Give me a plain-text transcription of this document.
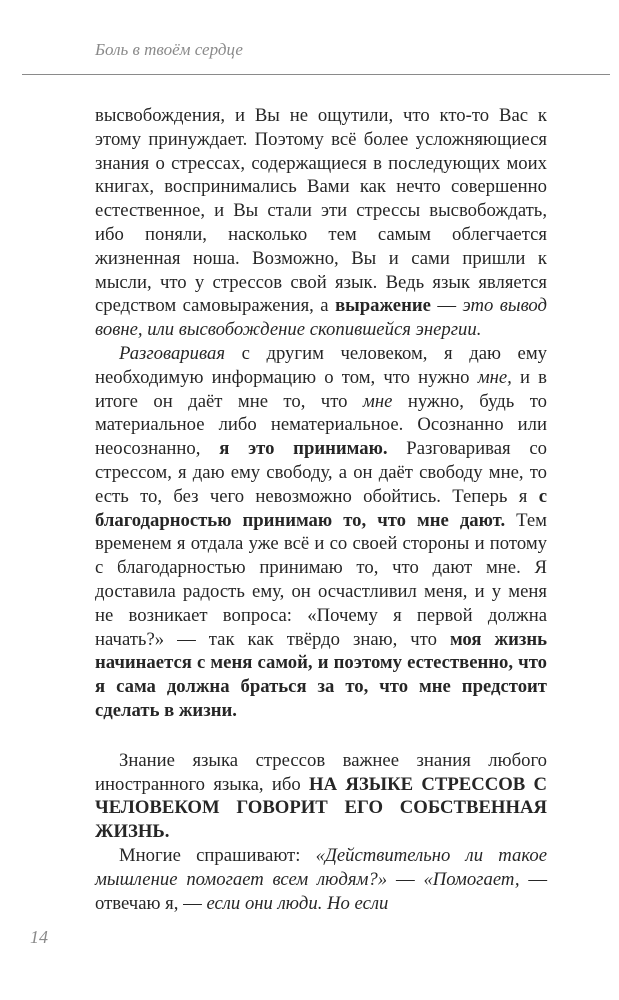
Боль в твоём сердце

высвобождения, и Вы не ощутили, что кто-то Вас к этому принуждает. Поэтому всё более усложняющиеся знания о стрессах, содержащиеся в последующих моих книгах, воспринимались Вами как нечто совершенно естественное, и Вы стали эти стрессы высвобождать, ибо поняли, насколько тем самым облегчается жизненная ноша. Возможно, Вы и сами пришли к мысли, что у стрессов свой язык. Ведь язык является средством самовыражения, а выражение — это вывод вовне, или высвобождение скопившейся энергии.

Разговаривая с другим человеком, я даю ему необходимую информацию о том, что нужно мне, и в итоге он даёт мне то, что мне нужно, будь то материальное либо нематериальное. Осознанно или неосознанно, я это принимаю. Разговаривая со стрессом, я даю ему свободу, а он даёт свободу мне, то есть то, без чего невозможно обойтись. Теперь я с благодарностью принимаю то, что мне дают. Тем временем я отдала уже всё и со своей стороны и потому с благодарностью принимаю то, что дают мне. Я доставила радость ему, он осчастливил меня, и у меня не возникает вопроса: «Почему я первой должна начать?» — так как твёрдо знаю, что моя жизнь начинается с меня самой, и поэтому естественно, что я сама должна браться за то, что мне предстоит сделать в жизни.

Знание языка стрессов важнее знания любого иностранного языка, ибо НА ЯЗЫКЕ СТРЕССОВ С ЧЕЛОВЕКОМ ГОВОРИТ ЕГО СОБСТВЕННАЯ ЖИЗНЬ.

Многие спрашивают: «Действительно ли такое мышление помогает всем людям?» — «Помогает, — отвечаю я, — если они люди. Но если

14
